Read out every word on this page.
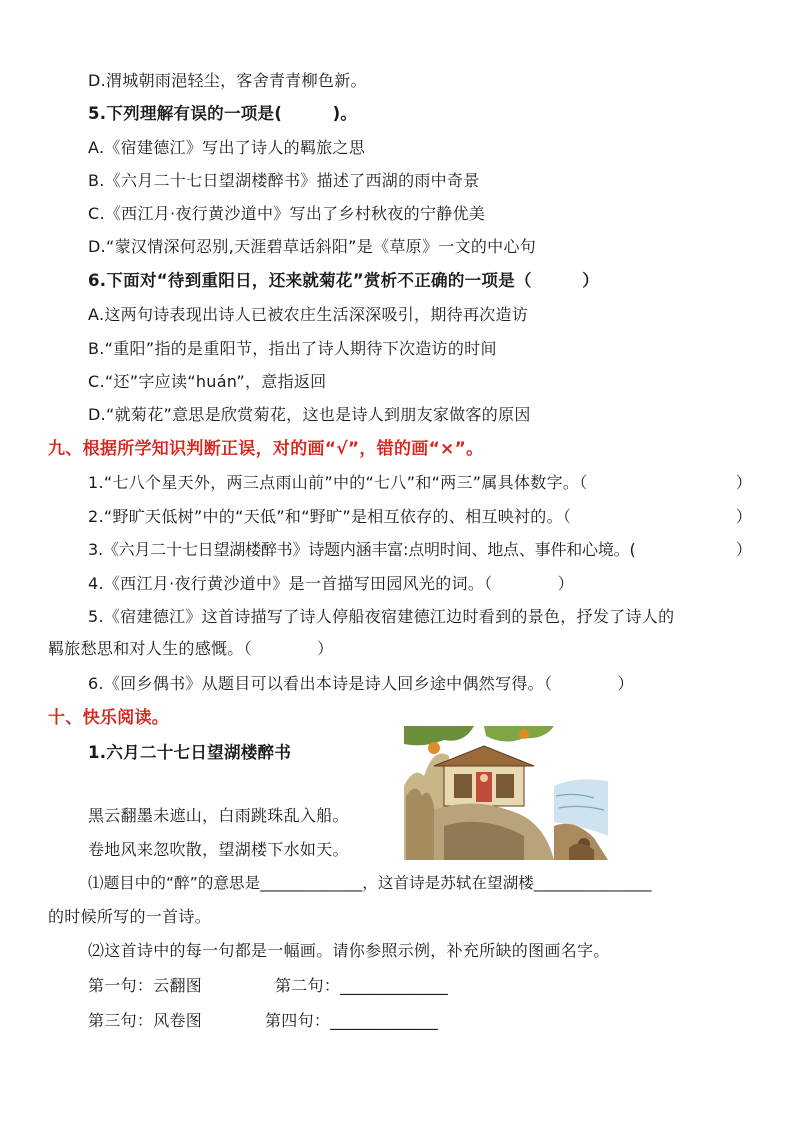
D.渭城朝雨浥轻尘，客舍青青柳色新。
5.下列理解有误的一项是(　　　)。
A.《宿建德江》写出了诗人的羁旅之思
B.《六月二十七日望湖楼醉书》描述了西湖的雨中奇景
C.《西江月·夜行黄沙道中》写出了乡村秋夜的宁静优美
D.“蒙汉情深何忍别,天涯碧草话斜阳”是《草原》一文的中心句
6.下面对“待到重阳日，还来就菊花”赏析不正确的一项是（　　　）
A.这两句诗表现出诗人已被农庄生活深深吸引，期待再次造访
B.“重阳”指的是重阳节，指出了诗人期待下次造访的时间
C.“还”字应读“huán”，意指返回
D.“就菊花”意思是欣赏菊花，这也是诗人到朋友家做客的原因
九、根据所学知识判断正误，对的画“√”，错的画“×”。
1.“七八个星天外，两三点雨山前”中的“七八”和“两三”属具体数字。（	）
2.“野旷天低树”中的“天低”和“野旷”是相互依存的、相互映衬的。（	）
3.《六月二十七日望湖楼醉书》诗题内涵丰富:点明时间、地点、事件和心境。(	）
4.《西江月·夜行黄沙道中》是一首描写田园风光的词。（　　　　）
5.《宿建德江》这首诗描写了诗人停船夜宿建德江边时看到的景色，抒发了诗人的
羁旅愁思和对人生的感慨。（　　　　）
6.《回乡偶书》从题目可以看出本诗是诗人回乡途中偶然写得。（　　　　）
十、快乐阅读。
1.六月二十七日望湖楼醉书
黑云翻墨未遮山，白雨跳珠乱入船。
卷地风来忽吹散，望湖楼下水如天。
⑴题目中的“醉”的意思是_____________，这首诗是苏轼在望湖楼_______________
的时候所写的一首诗。
⑵这首诗中的每一句都是一幅画。请你参照示例，补充所缺的图画名字。
第一句：云翻图	第二句：_____________
第三句：风卷图	第四句：_____________
